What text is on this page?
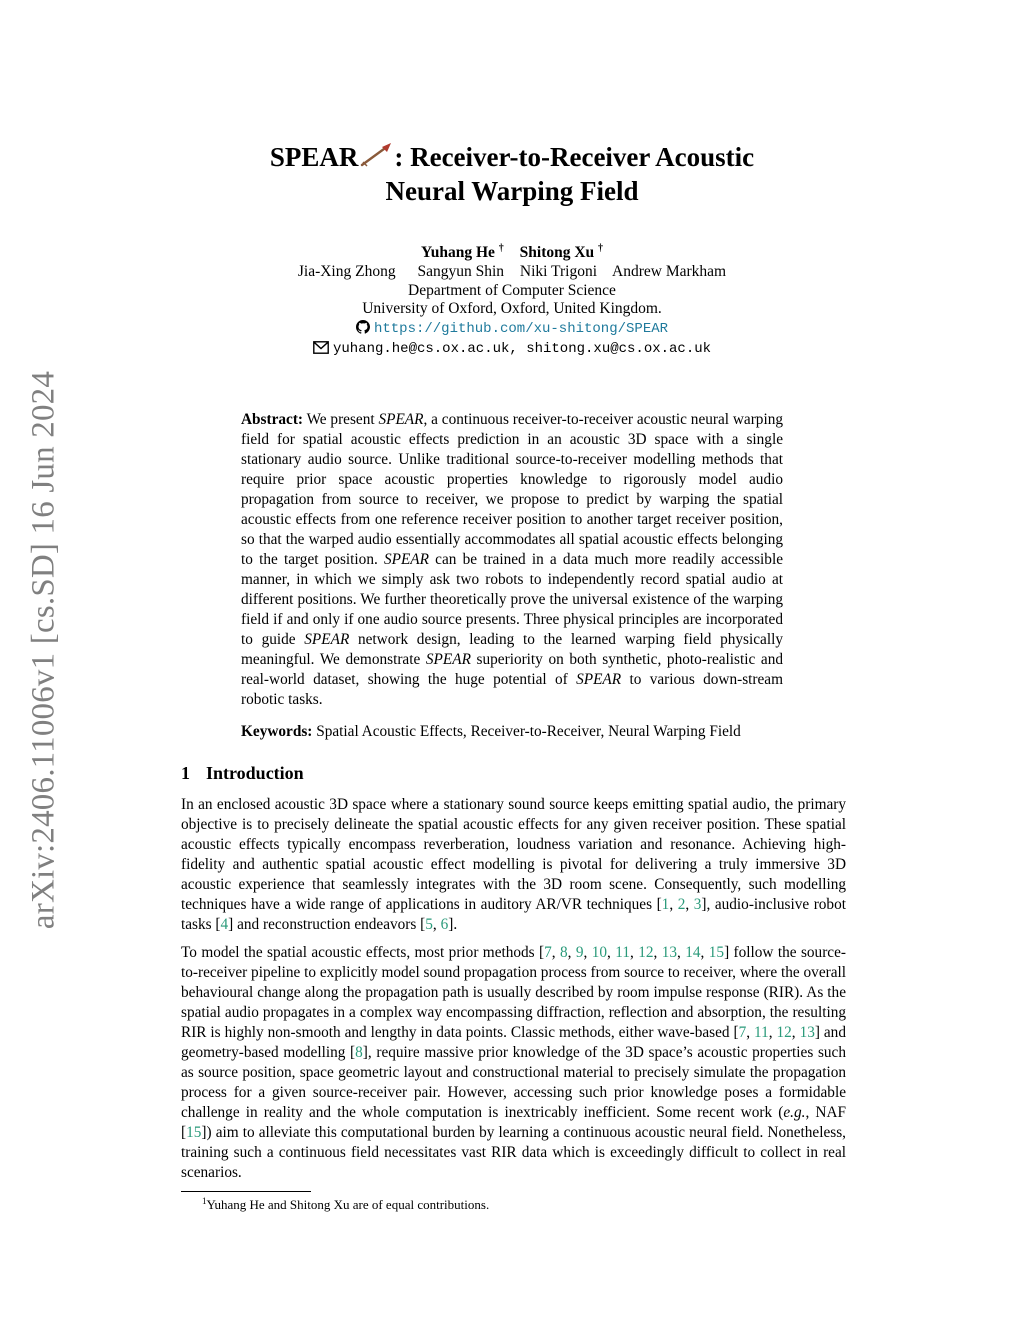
arXiv:2406.11006v1 [cs.SD] 16 Jun 2024
SPEAR : Receiver-to-Receiver Acoustic
Neural Warping Field
Yuhang He † Shitong Xu †
Jia-Xing Zhong Sangyun Shin Niki Trigoni Andrew Markham
Department of Computer Science
University of Oxford, Oxford, United Kingdom.
https://github.com/xu-shitong/SPEAR
yuhang.he@cs.ox.ac.uk, shitong.xu@cs.ox.ac.uk

Abstract: We present SPEAR, a continuous receiver-to-receiver acoustic neural warping field for spatial acoustic effects prediction in an acoustic 3D space with a single stationary audio source. Unlike traditional source-to-receiver modelling methods that require prior space acoustic properties knowledge to rigorously model audio propagation from source to receiver, we propose to predict by warping the spatial acoustic effects from one reference receiver position to another target receiver position, so that the warped audio essentially accommodates all spatial acoustic effects belonging to the target position. SPEAR can be trained in a data much more readily accessible manner, in which we simply ask two robots to independently record spatial audio at different positions. We further theoretically prove the universal existence of the warping field if and only if one audio source presents. Three physical principles are incorporated to guide SPEAR network design, leading to the learned warping field physically meaningful. We demonstrate SPEAR superiority on both synthetic, photo-realistic and real-world dataset, showing the huge potential of SPEAR to various down-stream robotic tasks.

Keywords: Spatial Acoustic Effects, Receiver-to-Receiver, Neural Warping Field

1 Introduction

In an enclosed acoustic 3D space where a stationary sound source keeps emitting spatial audio, the primary objective is to precisely delineate the spatial acoustic effects for any given receiver position. These spatial acoustic effects typically encompass reverberation, loudness variation and resonance. Achieving high-fidelity and authentic spatial acoustic effect modelling is pivotal for delivering a truly immersive 3D acoustic experience that seamlessly integrates with the 3D room scene. Consequently, such modelling techniques have a wide range of applications in auditory AR/VR techniques [1, 2, 3], audio-inclusive robot tasks [4] and reconstruction endeavors [5, 6].

To model the spatial acoustic effects, most prior methods [7, 8, 9, 10, 11, 12, 13, 14, 15] follow the source-to-receiver pipeline to explicitly model sound propagation process from source to receiver, where the overall behavioural change along the propagation path is usually described by room impulse response (RIR). As the spatial audio propagates in a complex way encompassing diffraction, reflection and absorption, the resulting RIR is highly non-smooth and lengthy in data points. Classic methods, either wave-based [7, 11, 12, 13] and geometry-based modelling [8], require massive prior knowledge of the 3D space’s acoustic properties such as source position, space geometric layout and constructional material to precisely simulate the propagation process for a given source-receiver pair. However, accessing such prior knowledge poses a formidable challenge in reality and the whole computation is inextricably inefficient. Some recent work (e.g., NAF [15]) aim to alleviate this computational burden by learning a continuous acoustic neural field. Nonetheless, training such a continuous field necessitates vast RIR data which is exceedingly difficult to collect in real scenarios.

$^1$Yuhang He and Shitong Xu are of equal contributions.
